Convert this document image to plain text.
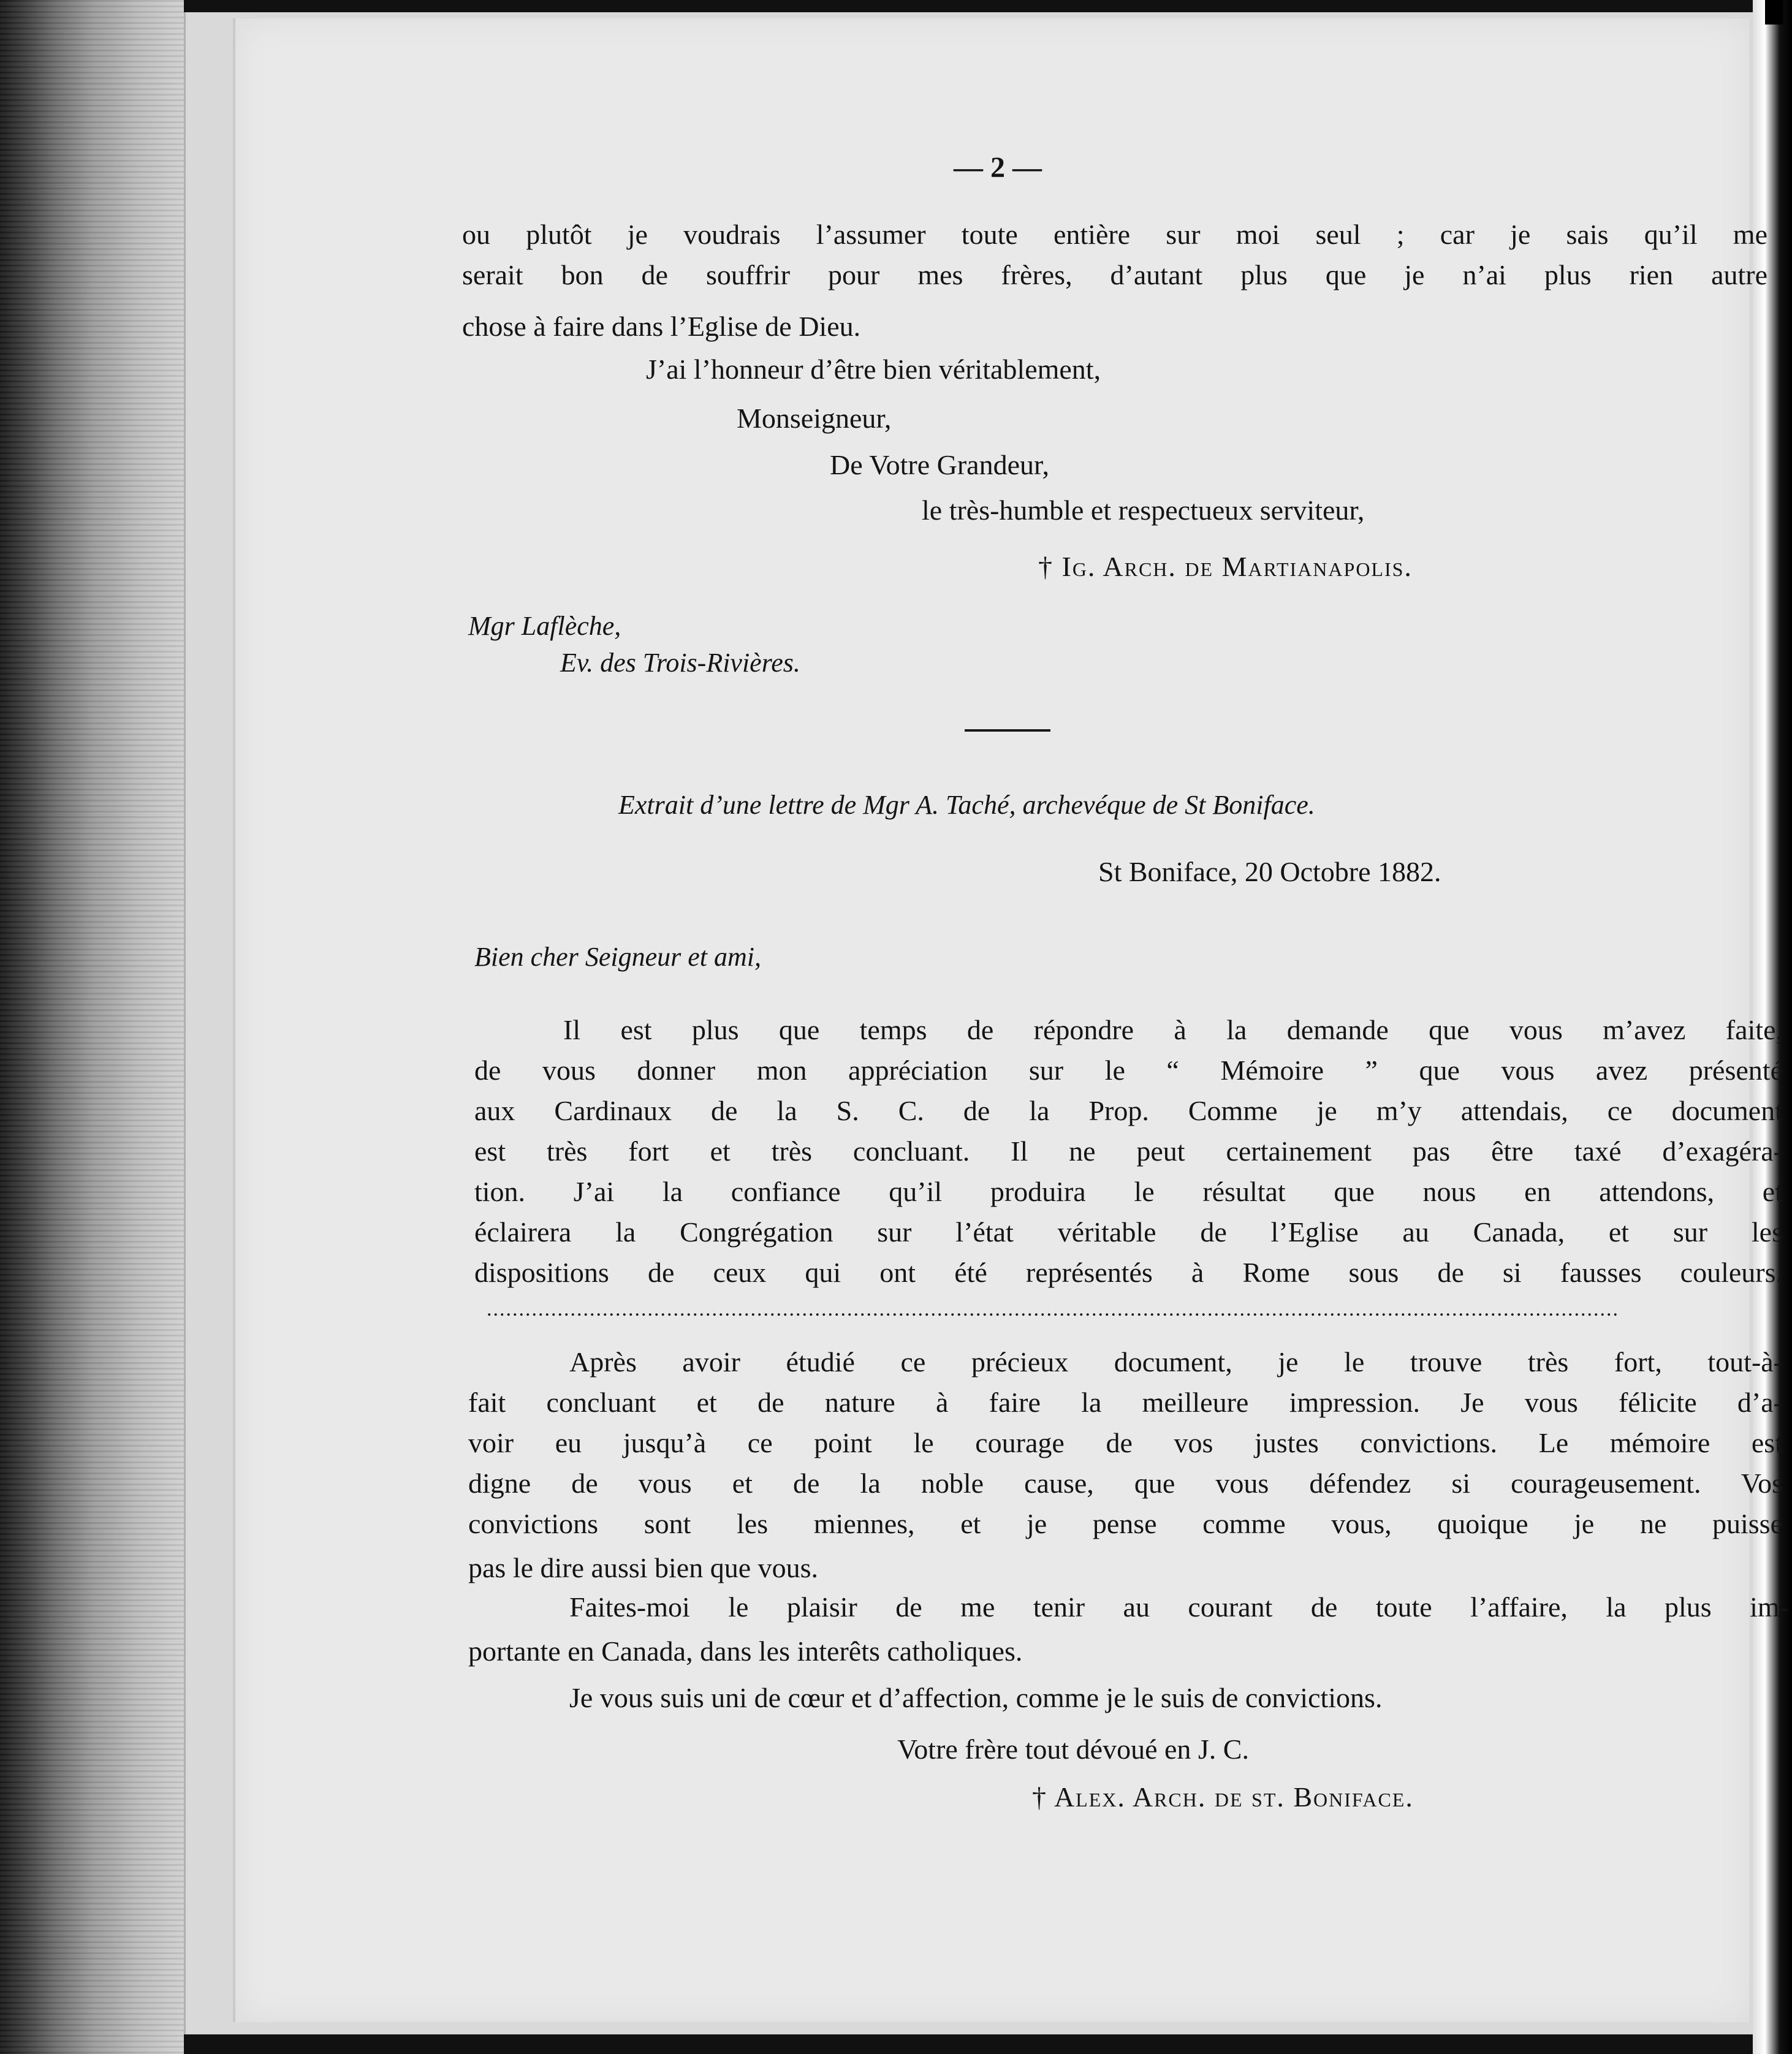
— 2 —
ou plutôt je voudrais l’assumer toute entière sur moi seul ; car je sais qu’il me
serait bon de souffrir pour mes frères, d’autant plus que je n’ai plus rien autre
chose à faire dans l’Eglise de Dieu.
J’ai l’honneur d’être bien véritablement,
Monseigneur,
De Votre Grandeur,
le très-humble et respectueux serviteur,
† Ig. Arch. de Martianapolis.
Mgr Laflèche,
Ev. des Trois-Rivières.
Extrait d’une lettre de Mgr A. Taché, archevéque de St Boniface.
St Boniface, 20 Octobre 1882.
Bien cher Seigneur et ami,
Il est plus que temps de répondre à la demande que vous m’avez faite,
de vous donner mon appréciation sur le “ Mémoire ” que vous avez présenté
aux Cardinaux de la S. C. de la Prop. Comme je m’y attendais, ce document
est très fort et très concluant. Il ne peut certainement pas être taxé d’exagéra-
tion. J’ai la confiance qu’il produira le résultat que nous en attendons, et
éclairera la Congrégation sur l’état véritable de l’Eglise au Canada, et sur les
dispositions de ceux qui ont été représentés à Rome sous de si fausses couleurs.
................................................................................................................................................................................
Après avoir étudié ce précieux document, je le trouve très fort, tout-à-
fait concluant et de nature à faire la meilleure impression. Je vous félicite d’a-
voir eu jusqu’à ce point le courage de vos justes convictions. Le mémoire est
digne de vous et de la noble cause, que vous défendez si courageusement. Vos
convictions sont les miennes, et je pense comme vous, quoique je ne puisse
pas le dire aussi bien que vous.
Faites-moi le plaisir de me tenir au courant de toute l’affaire, la plus im-
portante en Canada, dans les interêts catholiques.
Je vous suis uni de cœur et d’affection, comme je le suis de convictions.
Votre frère tout dévoué en J. C.
† Alex. Arch. de st. Boniface.
